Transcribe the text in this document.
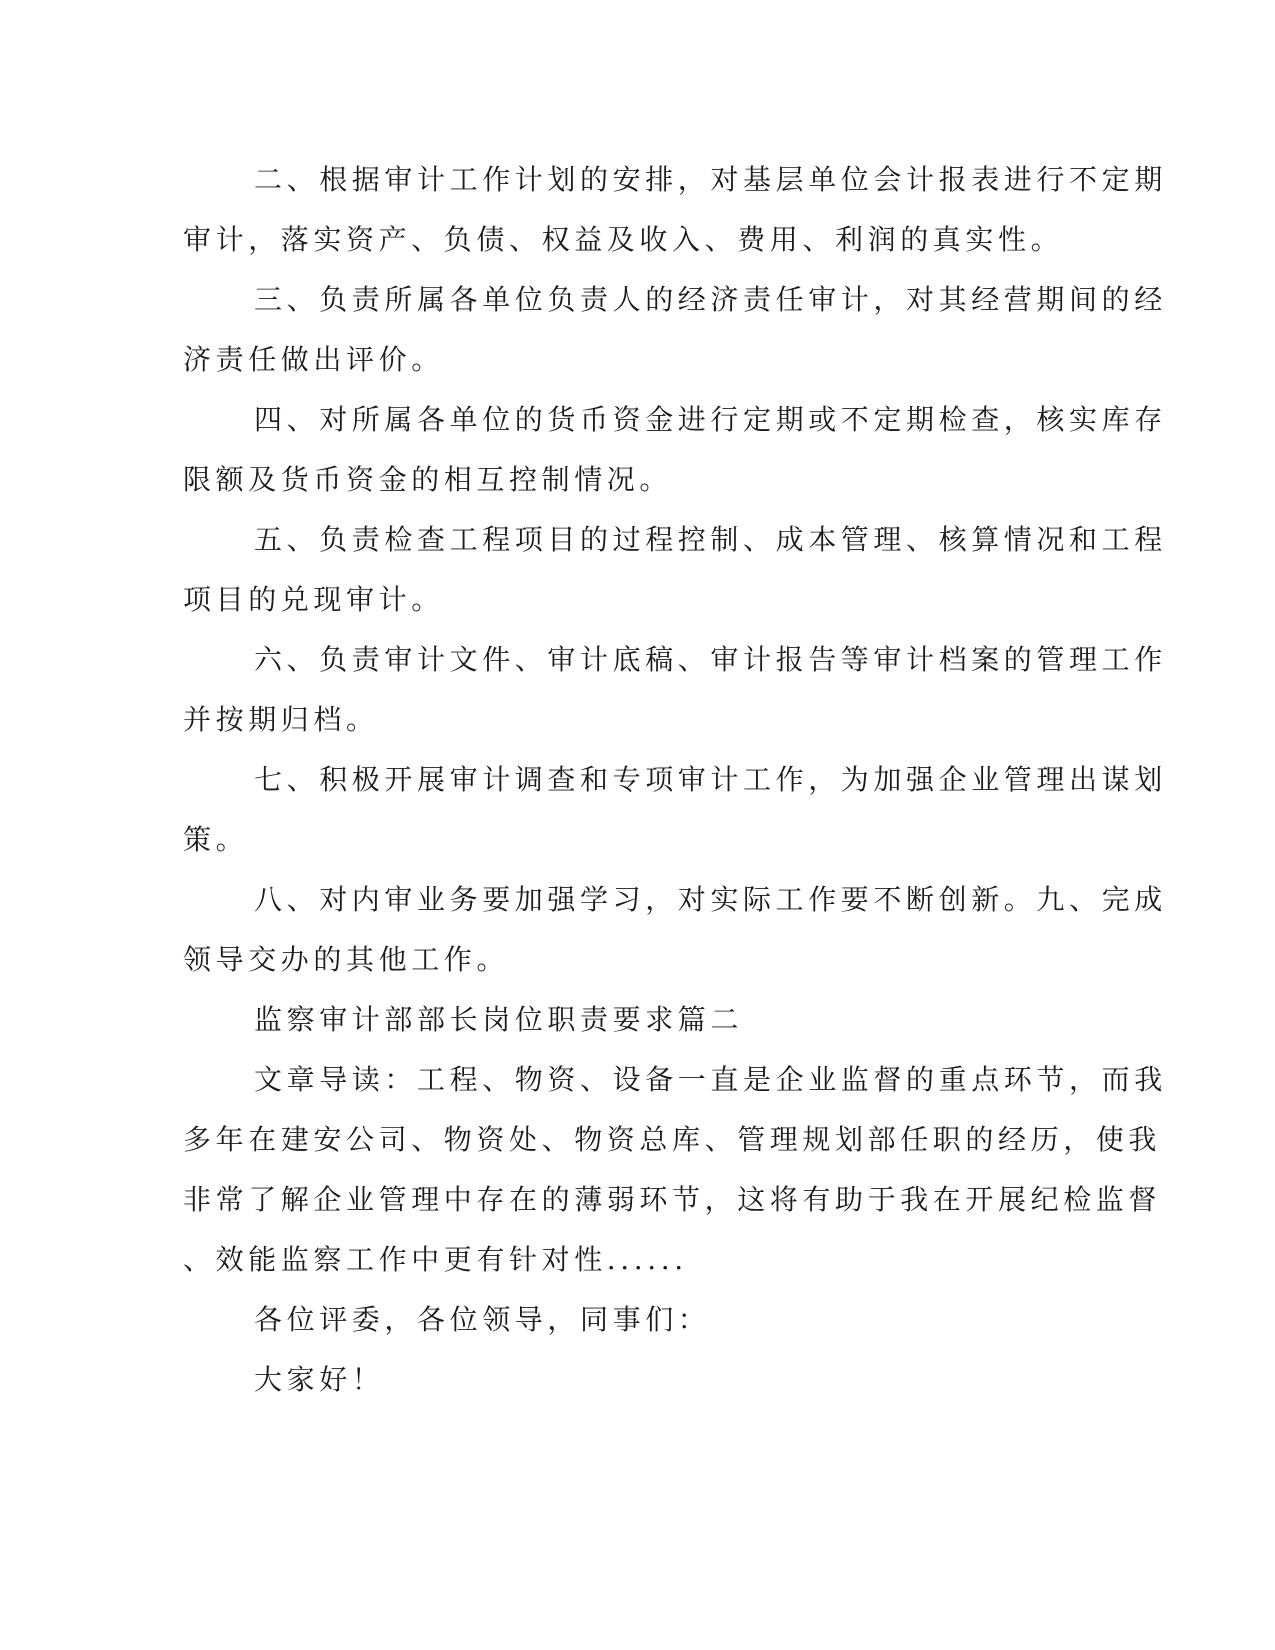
二、根据审计工作计划的安排，对基层单位会计报表进行不定期
审计，落实资产、负债、权益及收入、费用、利润的真实性。
三、负责所属各单位负责人的经济责任审计，对其经营期间的经
济责任做出评价。
四、对所属各单位的货币资金进行定期或不定期检查，核实库存
限额及货币资金的相互控制情况。
五、负责检查工程项目的过程控制、成本管理、核算情况和工程
项目的兑现审计。
六、负责审计文件、审计底稿、审计报告等审计档案的管理工作
并按期归档。
七、积极开展审计调查和专项审计工作，为加强企业管理出谋划
策。
八、对内审业务要加强学习，对实际工作要不断创新。九、完成
领导交办的其他工作。
监察审计部部长岗位职责要求篇二
文章导读：工程、物资、设备一直是企业监督的重点环节，而我
多年在建安公司、物资处、物资总库、管理规划部任职的经历，使我
非常了解企业管理中存在的薄弱环节，这将有助于我在开展纪检监督
、效能监察工作中更有针对性......
各位评委，各位领导，同事们：
大家好！
